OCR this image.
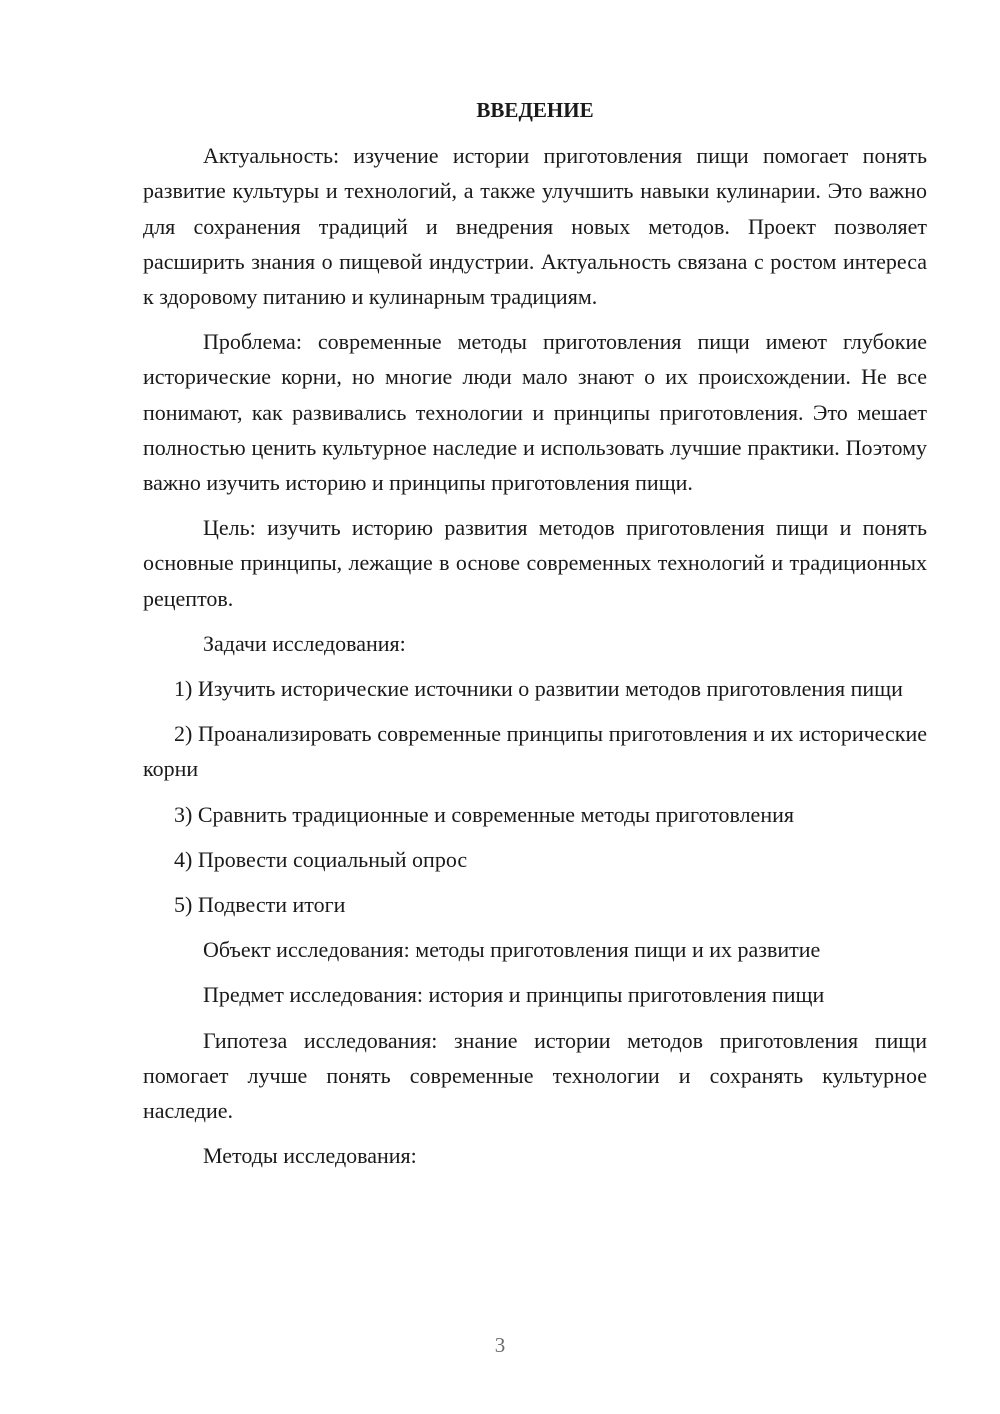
ВВЕДЕНИЕ

Актуальность: изучение истории приготовления пищи помогает понять развитие культуры и технологий, а также улучшить навыки кулинарии. Это важно для сохранения традиций и внедрения новых методов. Проект позволяет расширить знания о пищевой индустрии. Актуальность связана с ростом интереса к здоровому питанию и кулинарным традициям.

Проблема: современные методы приготовления пищи имеют глубокие исторические корни, но многие люди мало знают о их происхождении. Не все понимают, как развивались технологии и принципы приготовления. Это мешает полностью ценить культурное наследие и использовать лучшие практики. Поэтому важно изучить историю и принципы приготовления пищи.

Цель: изучить историю развития методов приготовления пищи и понять основные принципы, лежащие в основе современных технологий и традиционных рецептов.

Задачи исследования:

1) Изучить исторические источники о развитии методов приготовления пищи

2) Проанализировать современные принципы приготовления и их исторические корни

3) Сравнить традиционные и современные методы приготовления

4) Провести социальный опрос

5) Подвести итоги

Объект исследования: методы приготовления пищи и их развитие

Предмет исследования: история и принципы приготовления пищи

Гипотеза исследования: знание истории методов приготовления пищи помогает лучше понять современные технологии и сохранять культурное наследие.

Методы исследования:

3
